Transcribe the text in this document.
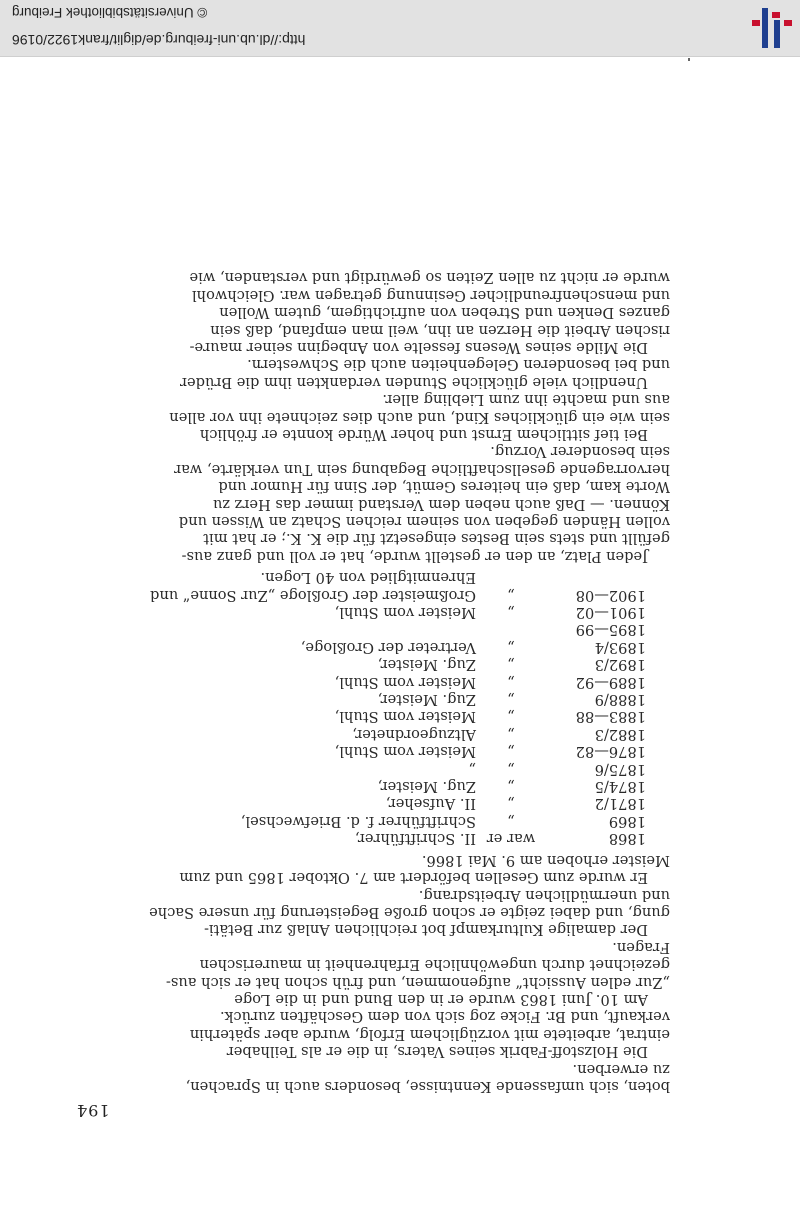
© Universitätsbibliothek Freiburg
http://dl.ub.uni-freiburg.de/diglit/frank1922/0196
194

boten, sich umfassende Kenntnisse, besonders auch in Sprachen,
zu erwerben.

Die Holzstoff-Fabrik seines Vaters, in die er als Teilhaber
eintrat, arbeitete mit vorzüglichem Erfolg, wurde aber späterhin
verkauft, und Br. Ficke zog sich von dem Geschäften zurück.

Am 10. Juni 1863 wurde er in den Bund und in die Loge
„Zur edlen Aussicht“ aufgenommen, und früh schon hat er sich aus-
gezeichnet durch ungewöhnliche Erfahrenheit in maurerischen
Fragen.

Der damalige Kulturkampf bot reichlichen Anlaß zur Betäti-
gung, und dabei zeigte er schon große Begeisterung für unsere Sache
und unermüdlichen Arbeitsdrang.

Er wurde zum Gesellen befördert am 7. Oktober 1865 und zum
Meister erhoben am 9. Mai 1866.

1868
war er
II. Schriftführer,
1869
„
Schriftführer f. d. Briefwechsel,
1871/2
„
II. Aufseher,
1874/5
„
Zug. Meister,
1875/6
„
„
1876—82
„
Meister vom Stuhl,
1882/3
„
Altzugeordneter,
1883—88
„
Meister vom Stuhl,
1888/9
„
Zug. Meister,
1889—92
„
Meister vom Stuhl,
1892/3
„
Zug. Meister,
1893/4
„
Vertreter der Großloge,
1895—99
1901—02
„
Meister vom Stuhl,
1902—08
„
Großmeister der Großloge „Zur Sonne“ und
Ehrenmitglied von 40 Logen.

Jeden Platz, an den er gestellt wurde, hat er voll und ganz aus-
gefüllt und stets sein Bestes eingesetzt für die K. K.; er hat mit
vollen Händen gegeben von seinem reichen Schatz an Wissen und
Können. — Daß auch neben dem Verstand immer das Herz zu
Worte kam, daß ein heiteres Gemüt, der Sinn für Humor und
hervorragende gesellschaftliche Begabung sein Tun verklärte, war
sein besonderer Vorzug.

Bei tief sittlichem Ernst und hoher Würde konnte er fröhlich
sein wie ein glückliches Kind, und auch dies zeichnete ihn vor allen
aus und machte ihn zum Liebling aller.

Unendlich viele glückliche Stunden verdankten ihm die Brüder
und bei besonderen Gelegenheiten auch die Schwestern.

Die Milde seines Wesens fesselte von Anbeginn seiner maure-
rischen Arbeit die Herzen an ihn, weil man empfand, daß sein
ganzes Denken und Streben von aufrichtigem, gutem Wollen
und menschenfreundlicher Gesinnung getragen war. Gleichwohl
wurde er nicht zu allen Zeiten so gewürdigt und verstanden, wie
